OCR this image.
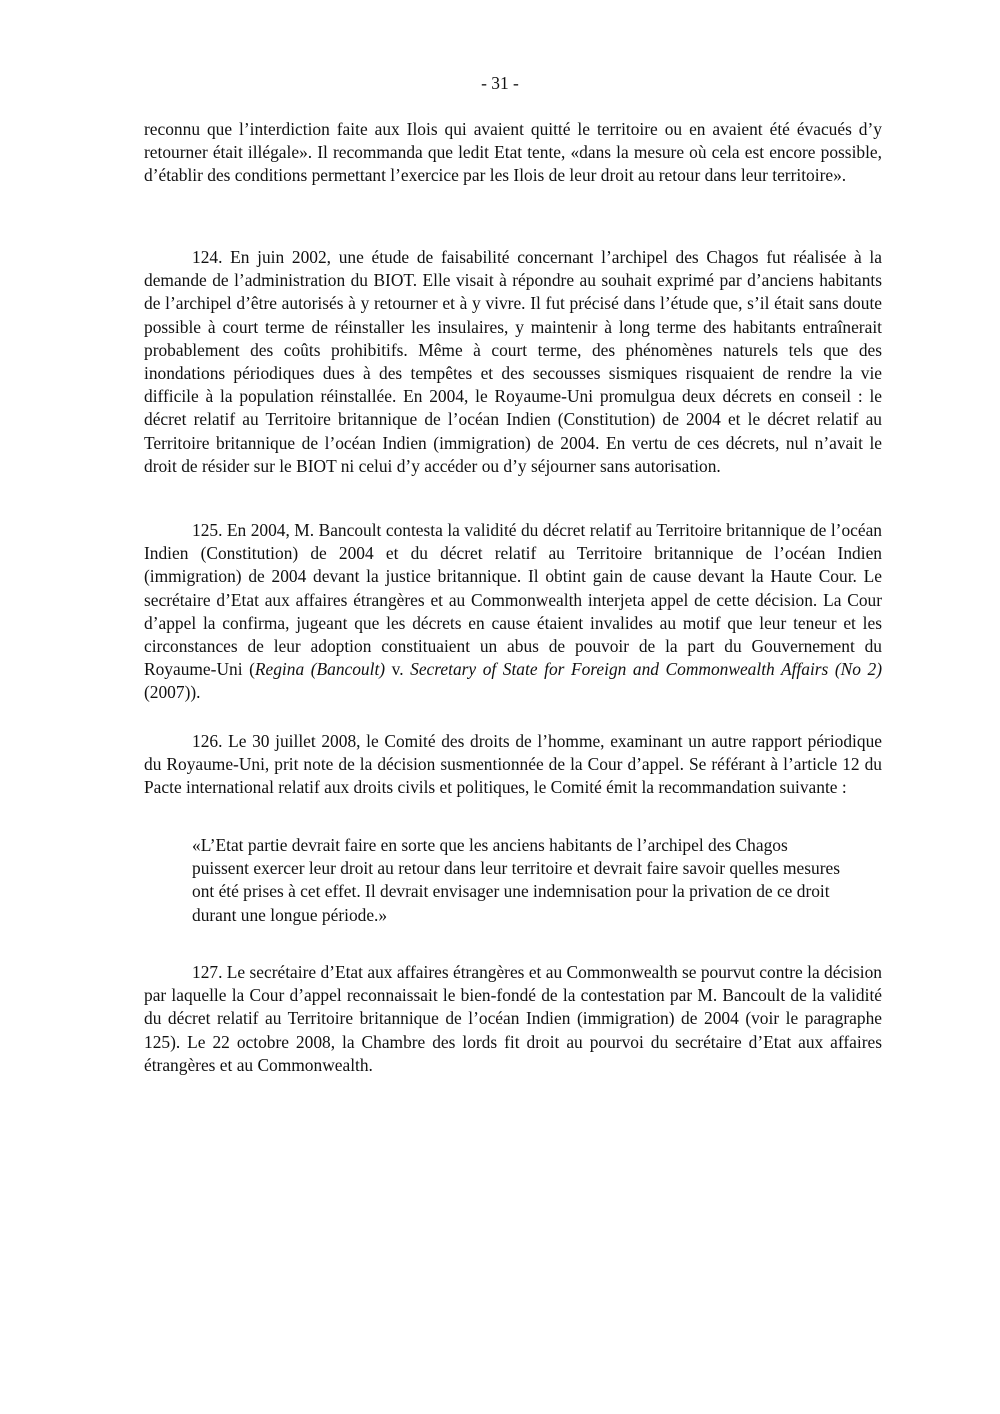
- 31 -

reconnu que l’interdiction faite aux Ilois qui avaient quitté le territoire ou en avaient été évacués d’y retourner était illégale». Il recommanda que ledit Etat tente, «dans la mesure où cela est encore possible, d’établir des conditions permettant l’exercice par les Ilois de leur droit au retour dans leur territoire».

124. En juin 2002, une étude de faisabilité concernant l’archipel des Chagos fut réalisée à la demande de l’administration du BIOT. Elle visait à répondre au souhait exprimé par d’anciens habitants de l’archipel d’être autorisés à y retourner et à y vivre. Il fut précisé dans l’étude que, s’il était sans doute possible à court terme de réinstaller les insulaires, y maintenir à long terme des habitants entraînerait probablement des coûts prohibitifs. Même à court terme, des phénomènes naturels tels que des inondations périodiques dues à des tempêtes et des secousses sismiques risquaient de rendre la vie difficile à la population réinstallée. En 2004, le Royaume-Uni promulgua deux décrets en conseil : le décret relatif au Territoire britannique de l’océan Indien (Constitution) de 2004 et le décret relatif au Territoire britannique de l’océan Indien (immigration) de 2004. En vertu de ces décrets, nul n’avait le droit de résider sur le BIOT ni celui d’y accéder ou d’y séjourner sans autorisation.

125. En 2004, M. Bancoult contesta la validité du décret relatif au Territoire britannique de l’océan Indien (Constitution) de 2004 et du décret relatif au Territoire britannique de l’océan Indien (immigration) de 2004 devant la justice britannique. Il obtint gain de cause devant la Haute Cour. Le secrétaire d’Etat aux affaires étrangères et au Commonwealth interjeta appel de cette décision. La Cour d’appel la confirma, jugeant que les décrets en cause étaient invalides au motif que leur teneur et les circonstances de leur adoption constituaient un abus de pouvoir de la part du Gouvernement du Royaume-Uni (Regina (Bancoult) v. Secretary of State for Foreign and Commonwealth Affairs (No 2) (2007)).

126. Le 30 juillet 2008, le Comité des droits de l’homme, examinant un autre rapport périodique du Royaume-Uni, prit note de la décision susmentionnée de la Cour d’appel. Se référant à l’article 12 du Pacte international relatif aux droits civils et politiques, le Comité émit la recommandation suivante :

«L’Etat partie devrait faire en sorte que les anciens habitants de l’archipel des Chagos puissent exercer leur droit au retour dans leur territoire et devrait faire savoir quelles mesures ont été prises à cet effet. Il devrait envisager une indemnisation pour la privation de ce droit durant une longue période.»

127. Le secrétaire d’Etat aux affaires étrangères et au Commonwealth se pourvut contre la décision par laquelle la Cour d’appel reconnaissait le bien-fondé de la contestation par M. Bancoult de la validité du décret relatif au Territoire britannique de l’océan Indien (immigration) de 2004 (voir le paragraphe 125). Le 22 octobre 2008, la Chambre des lords fit droit au pourvoi du secrétaire d’Etat aux affaires étrangères et au Commonwealth.
